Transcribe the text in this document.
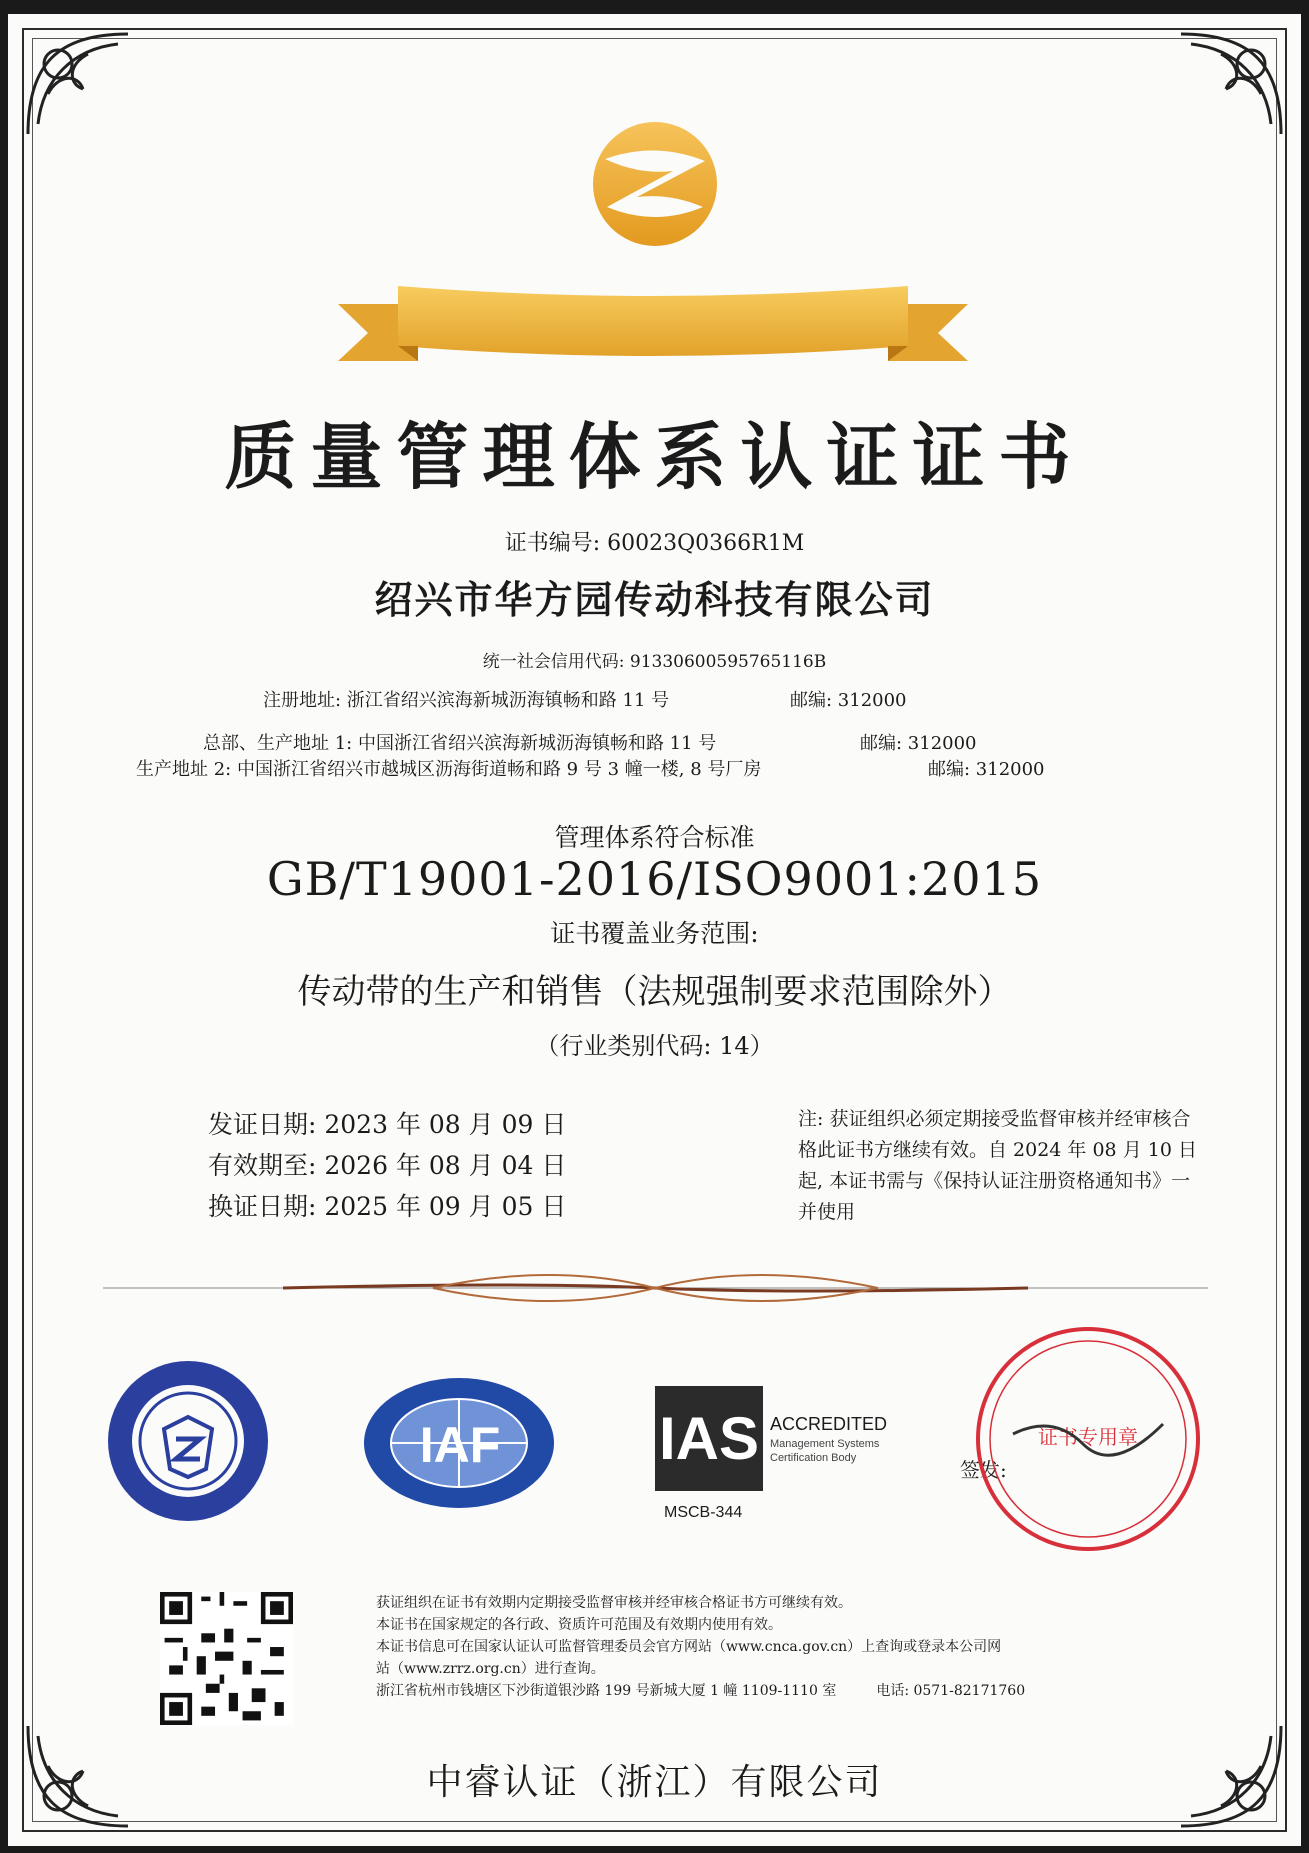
质量管理体系认证证书
证书编号: 60023Q0366R1M
绍兴市华方园传动科技有限公司
统一社会信用代码: 91330600595765116B
注册地址: 浙江省绍兴滨海新城沥海镇畅和路 11 号	邮编: 312000
总部、生产地址 1: 中国浙江省绍兴滨海新城沥海镇畅和路 11 号	邮编: 312000
生产地址 2: 中国浙江省绍兴市越城区沥海街道畅和路 9 号 3 幢一楼, 8 号厂房	邮编: 312000
管理体系符合标准
GB/T19001-2016/ISO9001:2015
证书覆盖业务范围:
传动带的生产和销售（法规强制要求范围除外）
（行业类别代码: 14）
发证日期: 2023 年 08 月 09 日
有效期至: 2026 年 08 月 04 日
换证日期: 2025 年 09 月 05 日
注: 获证组织必须定期接受监督审核并经审核合格此证书方继续有效。自 2024 年 08 月 10 日起, 本证书需与《保持认证注册资格通知书》一并使用
IAF	IAS ACCREDITED
Management Systems
Certification Body
MSCB-344
签发:
证书专用章
获证组织在证书有效期内定期接受监督审核并经审核合格证书方可继续有效。
本证书在国家规定的各行政、资质许可范围及有效期内使用有效。
本证书信息可在国家认证认可监督管理委员会官方网站（www.cnca.gov.cn）上查询或登录本公司网
站（www.zrrz.org.cn）进行查询。
浙江省杭州市钱塘区下沙街道银沙路 199 号新城大厦 1 幢 1109-1110 室	电话: 0571-82171760
中睿认证（浙江）有限公司
